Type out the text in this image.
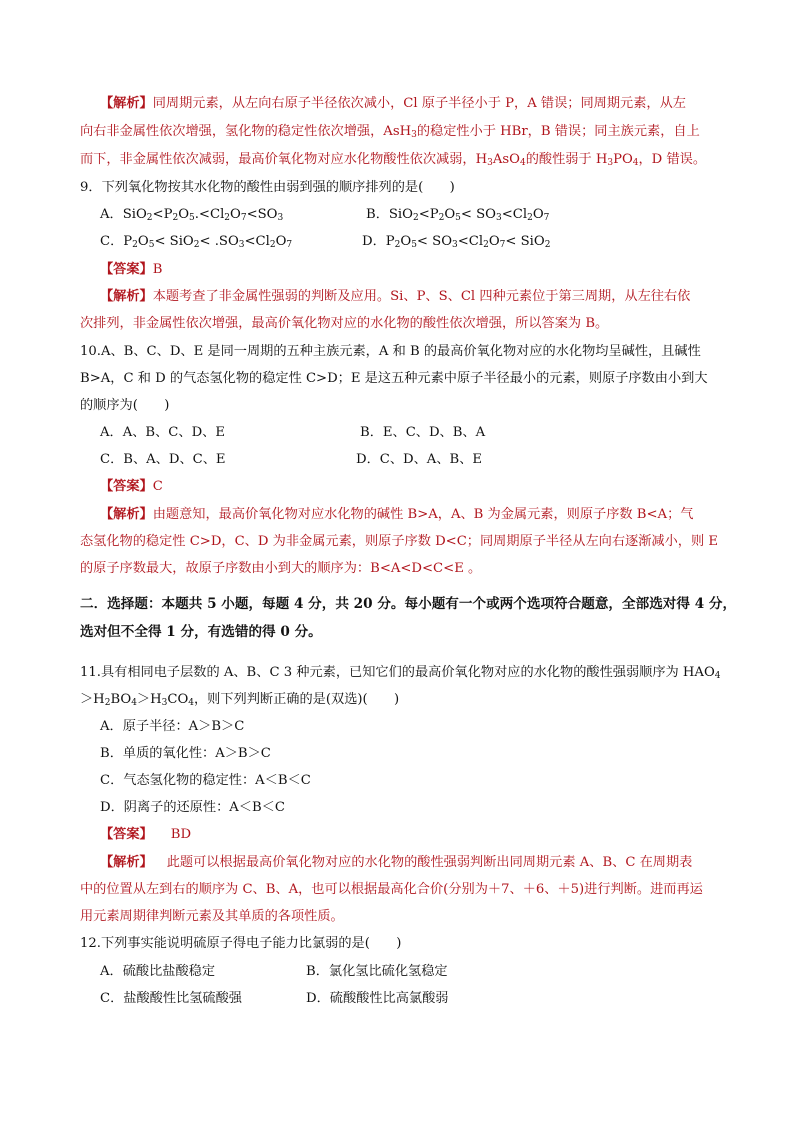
【解析】同周期元素，从左向右原子半径依次减小，Cl 原子半径小于 P，A 错误；同周期元素，从左
向右非金属性依次增强，氢化物的稳定性依次增强，AsH$_3$的稳定性小于 HBr，B 错误；同主族元素，自上
而下，非金属性依次减弱，最高价氧化物对应水化物酸性依次减弱，$H_3AsO_4$的酸性弱于 $H_3PO_4$，D 错误。
9．下列氧化物按其水化物的酸性由弱到强的顺序排列的是(　　)
A．$SiO_2<P_2O_5.<Cl_2O_7<SO_3$	B．$SiO_2<P_2O_5< SO_3<Cl_2O_7$
C．$P_2O_5< SiO_2< .SO_3<Cl_2O_7$	D．$P_2O_5< SO_3<Cl_2O_7< SiO_2$
【答案】B
【解析】本题考查了非金属性强弱的判断及应用。Si、P、S、Cl 四种元素位于第三周期，从左往右依
次排列，非金属性依次增强，最高价氧化物对应的水化物的酸性依次增强，所以答案为 B。
10.A、B、C、D、E 是同一周期的五种主族元素，A 和 B 的最高价氧化物对应的水化物均呈碱性，且碱性
B>A，C 和 D 的气态氢化物的稳定性 C>D；E 是这五种元素中原子半径最小的元素，则原子序数由小到大
的顺序为(　　)
A．A、B、C、D、E	B．E、C、D、B、A
C．B、A、D、C、E	D．C、D、A、B、E
【答案】C
【解析】由题意知，最高价氧化物对应水化物的碱性 B>A，A、B 为金属元素，则原子序数 B<A；气
态氢化物的稳定性 C>D，C、D 为非金属元素，则原子序数 D<C；同周期原子半径从左向右逐渐减小，则 E
的原子序数最大，故原子序数由小到大的顺序为：B<A<D<C<E 。
二．选择题：本题共 5 小题，每题 4 分，共 20 分。每小题有一个或两个选项符合题意，全部选对得 4 分，
选对但不全得 1 分，有选错的得 0 分。
11.具有相同电子层数的 A、B、C 3 种元素，已知它们的最高价氧化物对应的水化物的酸性强弱顺序为 $HAO_4$
$>H_2BO_4>H_3CO_4$，则下列判断正确的是(双选)(　　)
A．原子半径：A＞B＞C
B．单质的氧化性：A＞B＞C
C．气态氢化物的稳定性：A＜B＜C
D．阴离子的还原性：A＜B＜C
【答案】 BD
【解析】 此题可以根据最高价氧化物对应的水化物的酸性强弱判断出同周期元素 A、B、C 在周期表
中的位置从左到右的顺序为 C、B、A，也可以根据最高化合价(分别为＋7、＋6、＋5)进行判断。进而再运
用元素周期律判断元素及其单质的各项性质。
12.下列事实能说明硫原子得电子能力比氯弱的是(　　)
A．硫酸比盐酸稳定	B．氯化氢比硫化氢稳定
C．盐酸酸性比氢硫酸强	D．硫酸酸性比高氯酸弱
